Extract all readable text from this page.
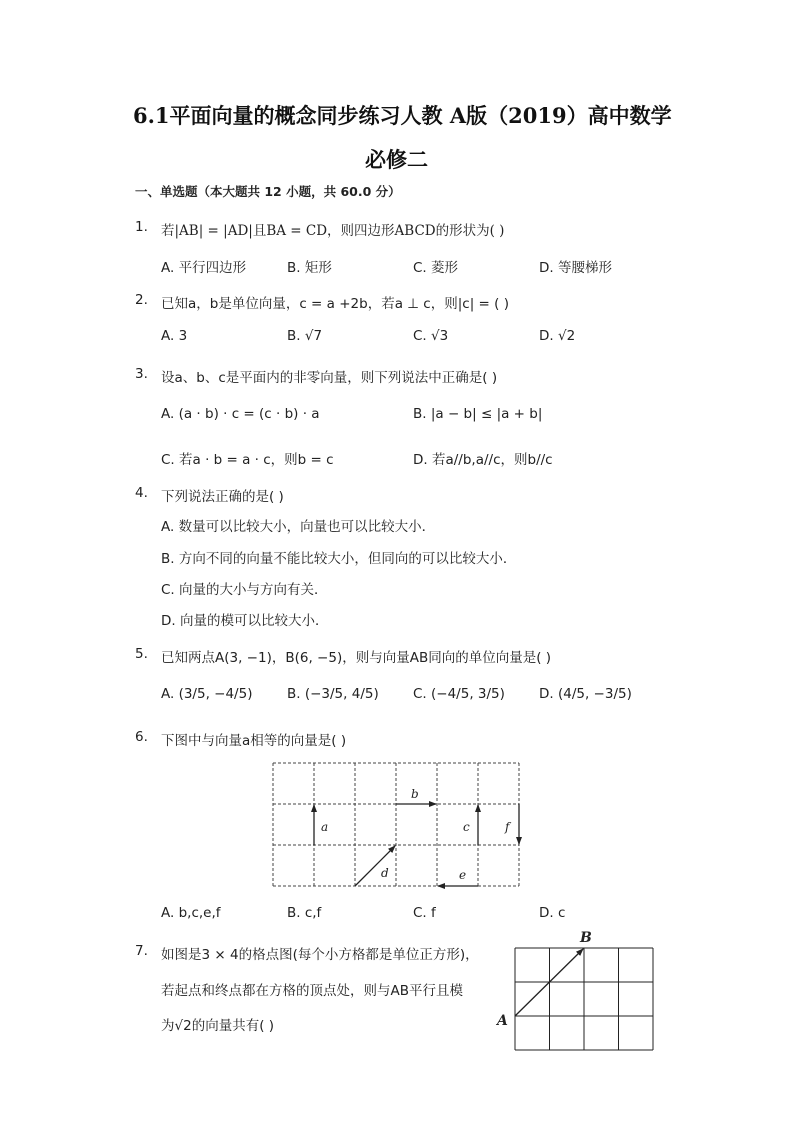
6.1平面向量的概念同步练习人教 A版（2019）高中数学
必修二
一、单选题（本大题共 12 小题，共 60.0 分）
1. 若|AB| = |AD|且BA = CD，则四边形ABCD的形状为( )
A. 平行四边形	B. 矩形	C. 菱形	D. 等腰梯形
2. 已知a，b是单位向量，c = a +2b，若a ⊥ c，则|c| = ( )
A. 3	B. √7	C. √3	D. √2
3. 设a、b、c是平面内的非零向量，则下列说法中正确是( )
A. (a · b) · c = (c · b) · a	B. |a − b| ≤ |a + b|
C. 若a · b = a · c，则b = c	D. 若a//b,a//c，则b//c
4. 下列说法正确的是( )
A. 数量可以比较大小，向量也可以比较大小．
B. 方向不同的向量不能比较大小，但同向的可以比较大小．
C. 向量的大小与方向有关．
D. 向量的模可以比较大小．
5. 已知两点A(3, −1)，B(6, −5)，则与向量AB同向的单位向量是( )
A. (3/5, −4/5)	B. (−3/5, 4/5)	C. (−4/5, 3/5)	D. (4/5, −3/5)
6. 下图中与向量a相等的向量是( )
a
b
c	f
d	e
A. b,c,e,f	B. c,f	C. f	D. c
7. 如图是3 × 4的格点图(每个小方格都是单位正方形)，
若起点和终点都在方格的顶点处，则与AB平行且模
为√2的向量共有( )	A
B
